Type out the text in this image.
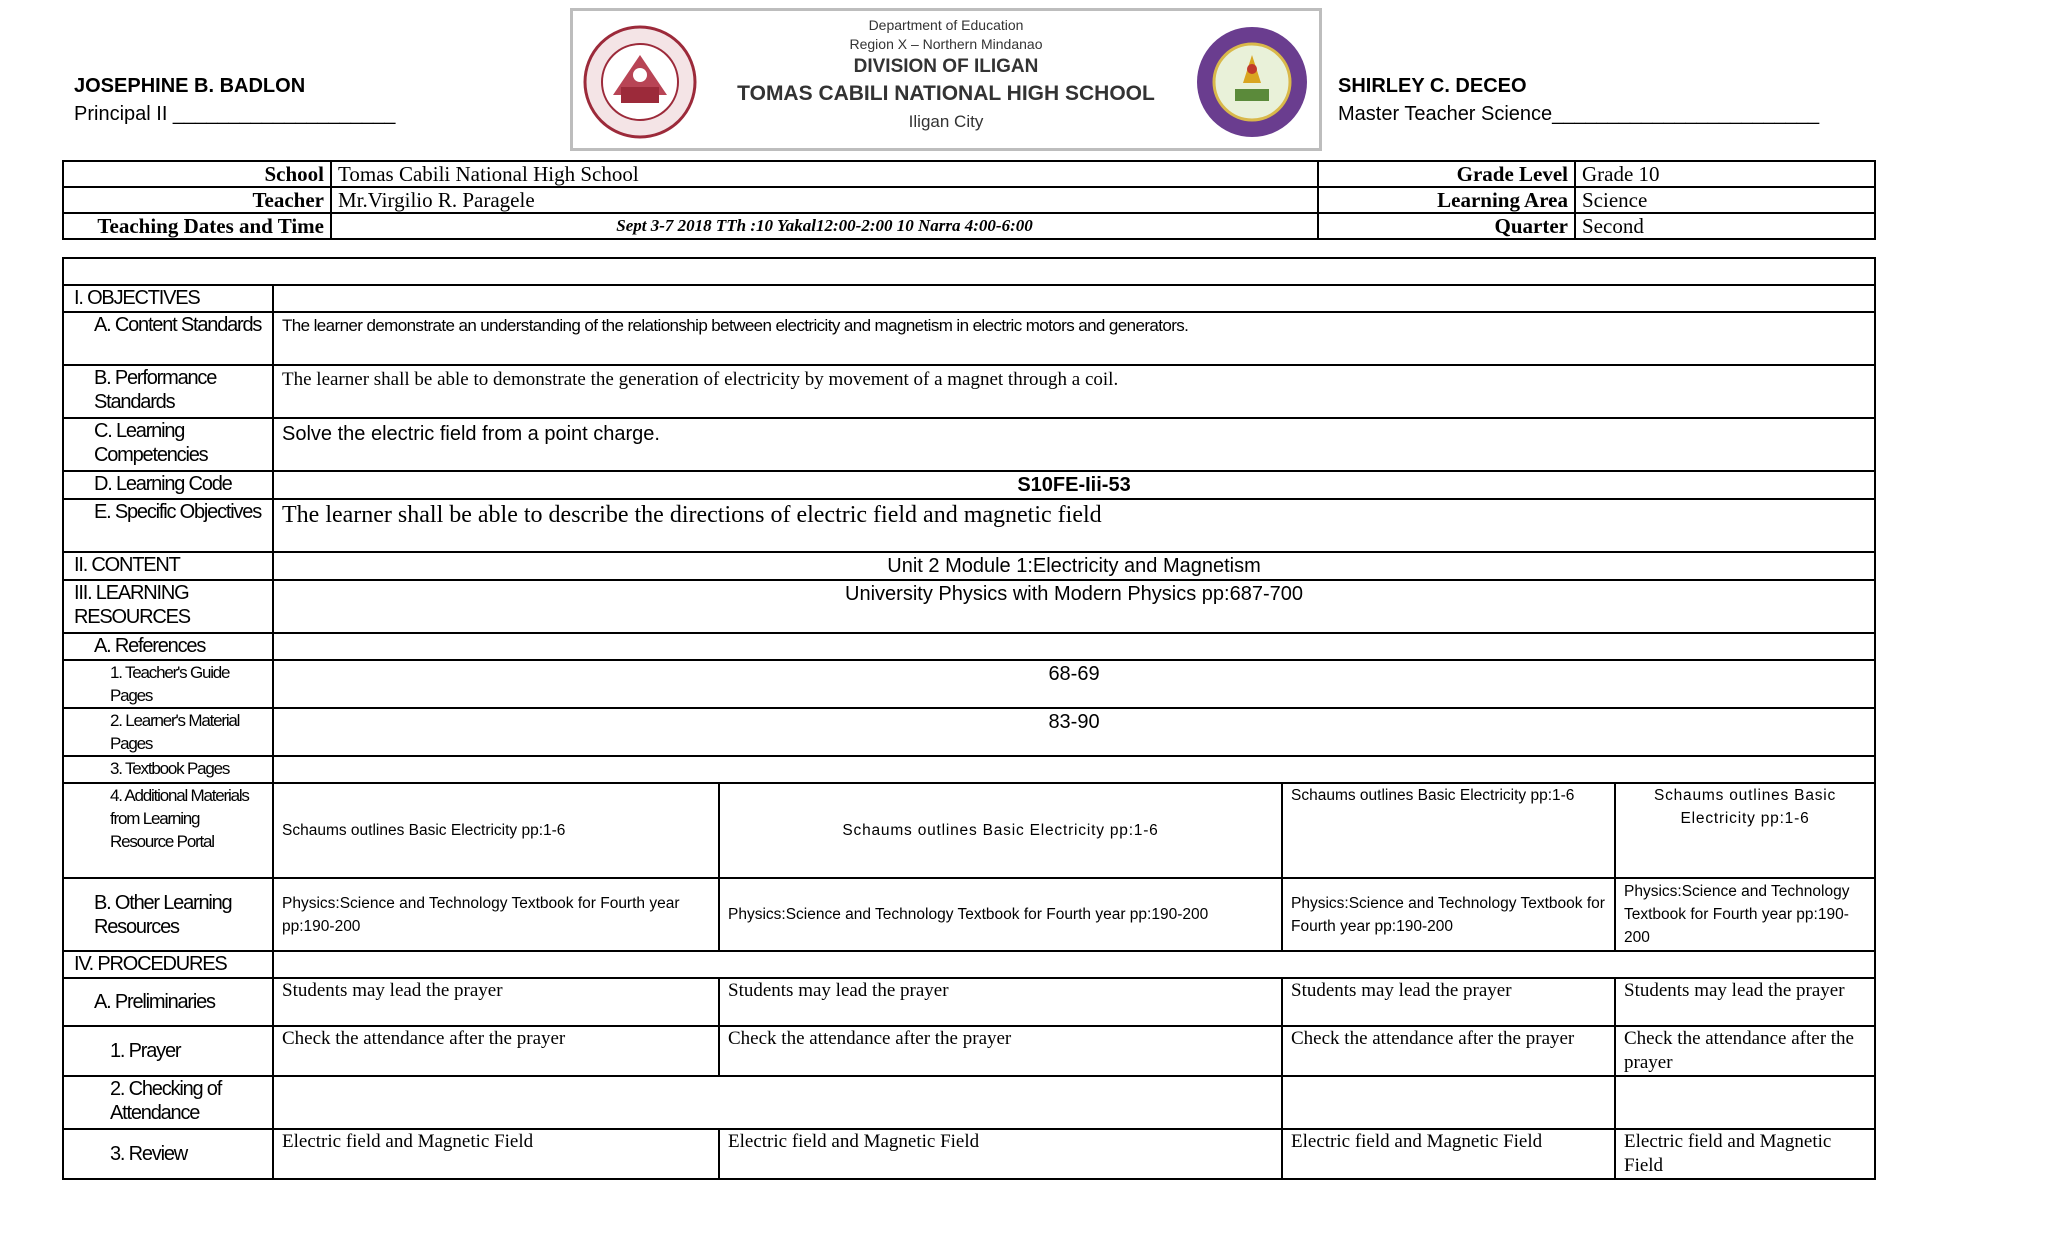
JOSEPHINE B. BADLON
Principal II ____________________
SHIRLEY C. DECEO
Master Teacher Science________________________
Department of Education
Region X – Northern Mindanao
DIVISION OF ILIGAN
TOMAS CABILI NATIONAL HIGH SCHOOL
Iligan City
School	Tomas Cabili National High School	Grade Level	Grade 10
Teacher	Mr.Virgilio R. Paragele	Learning Area	Science
Teaching Dates and Time	Sept 3-7 2018 TTh :10 Yakal12:00-2:00 10 Narra 4:00-6:00	Quarter	Second

I. OBJECTIVES				
A. Content Standards	The learner demonstrate an understanding of the relationship between electricity and magnetism in electric motors and generators.			
B. Performance Standards	The learner shall be able to demonstrate the generation of electricity by movement of a magnet through a coil.			
C. Learning Competencies	Solve the electric field from a point charge.			
D. Learning Code	S10FE-Iii-53			
E. Specific Objectives	The learner shall be able to describe the directions of electric field and magnetic field			
II. CONTENT	Unit 2 Module 1:Electricity and Magnetism			
III. LEARNING RESOURCES	University Physics with Modern Physics pp:687-700			
A. References				
1. Teacher's Guide Pages	68-69			
2. Learner's Material Pages	83-90			
3. Textbook Pages				
4. Additional Materials from Learning Resource Portal	Schaums outlines Basic Electricity pp:1-6	Schaums outlines Basic Electricity pp:1-6	Schaums outlines Basic Electricity pp:1-6	Schaums outlines Basic Electricity pp:1-6
B. Other Learning Resources	Physics:Science and Technology Textbook for Fourth year pp:190-200	Physics:Science and Technology Textbook for Fourth year pp:190-200	Physics:Science and Technology Textbook for Fourth year pp:190-200	Physics:Science and Technology Textbook for Fourth year pp:190-200
IV. PROCEDURES				
A. Preliminaries	Students may lead the prayer	Students may lead the prayer	Students may lead the prayer	Students may lead the prayer
1. Prayer	Check the attendance after the prayer	Check the attendance after the prayer	Check the attendance after the prayer	Check the attendance after the prayer
2. Checking of Attendance				
3. Review	Electric field and Magnetic Field	Electric field and Magnetic Field	Electric field and Magnetic Field	Electric field and Magnetic Field
